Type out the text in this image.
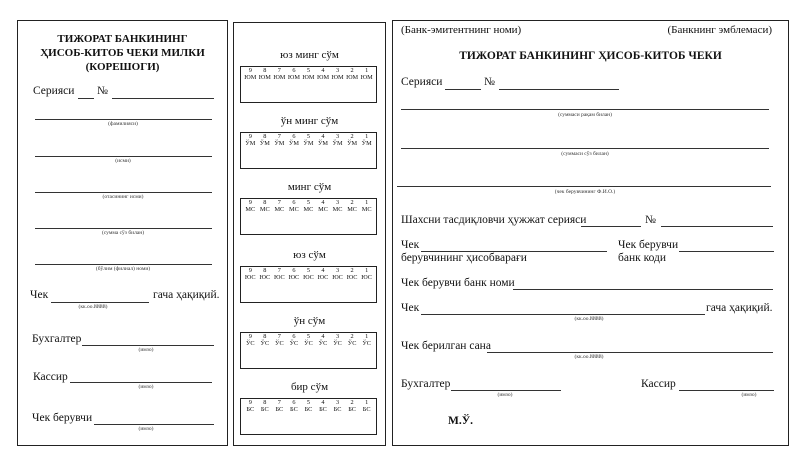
ТИЖОРАТ БАНКИНИНГ
ҲИСОБ-КИТОБ ЧЕКИ МИЛКИ
(КОРЕШОГИ)
Серияси №
(фамилияси)
(исми)
(отасининг исми)
(сумма сўз билан)
(бўлим (филиал) номи)
Чек	гача ҳақиқий.
(кк.оо.йййй)
Бухгалтер
(имзо)
Кассир
(имзо)
Чек берувчи
(имзо)
юз минг сўм
9 8 7 6 5 4 3 2 1
ЮМ ЮМ ЮМ ЮМ ЮМ ЮМ ЮМ ЮМ ЮМ
ўн минг сўм
9 8 7 6 5 4 3 2 1
ЎМ ЎМ ЎМ ЎМ ЎМ ЎМ ЎМ ЎМ ЎМ
минг сўм
9 8 7 6 5 4 3 2 1
МС МС МС МС МС МС МС МС МС
юз сўм
9 8 7 6 5 4 3 2 1
ЮС ЮС ЮС ЮС ЮС ЮС ЮС ЮС ЮС
ўн сўм
9 8 7 6 5 4 3 2 1
ЎС ЎС ЎС ЎС ЎС ЎС ЎС ЎС ЎС
бир сўм
9 8 7 6 5 4 3 2 1
БС БС БС БС БС БС БС БС БС
(Банк-эмитентнинг номи)	(Банкнинг эмблемаси)
ТИЖОРАТ БАНКИНИНГ ҲИСОБ-КИТОБ ЧЕКИ
Серияси	№
(суммаси рақам билан)
(суммаси сўз билан)
(чек берувчининг Ф.И.О.)
Шахсни тасдиқловчи ҳужжат серияси	№
Чек
берувчининг ҳисобварағи
Чек берувчи
банк коди
Чек берувчи банк номи
Чек	гача ҳақиқий.
(кк.оо.йййй)
Чек берилган сана
(кк.оо.йййй)
Бухгалтер
(имзо)
Кассир
(имзо)
М.Ў.
